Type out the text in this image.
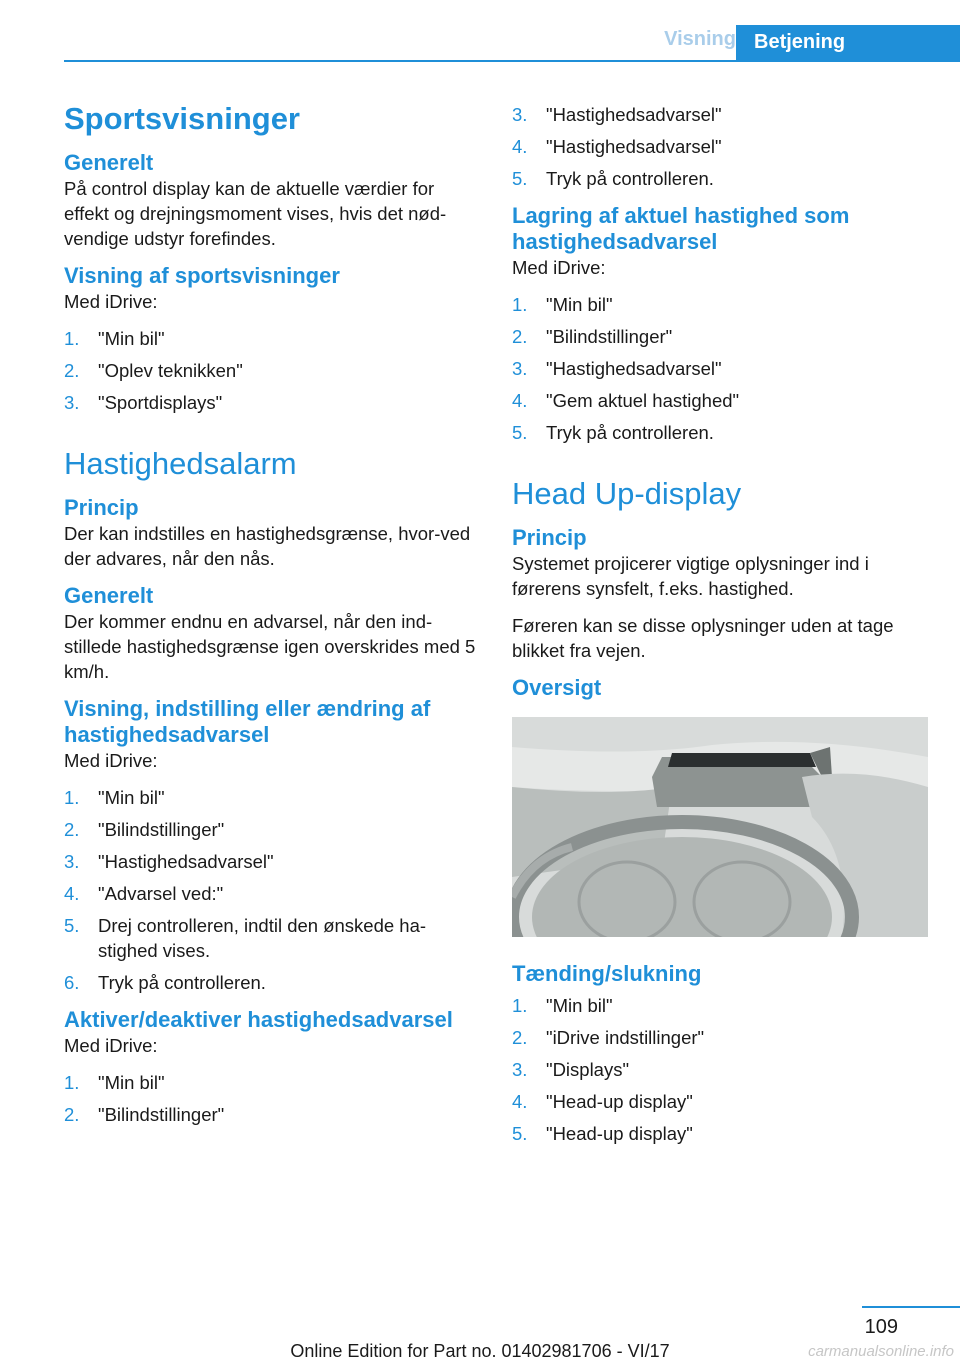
Visning Betjening
Sportsvisninger
Generelt

På control display kan de aktuelle værdier for effekt og drejningsmoment vises, hvis det nød-vendige udstyr forefindes.

Visning af sportsvisninger

Med iDrive:

1.	"Min bil"
2.	"Oplev teknikken"
3.	"Sportdisplays"
Hastighedsalarm
Princip

Der kan indstilles en hastighedsgrænse, hvor-ved der advares, når den nås.

Generelt

Der kommer endnu en advarsel, når den ind-stillede hastighedsgrænse igen overskrides med 5 km/h.

Visning, indstilling eller ændring af hastighedsadvarsel

Med iDrive:

1.	"Min bil"
2.	"Bilindstillinger"
3.	"Hastighedsadvarsel"
4.	"Advarsel ved:"
5.	Drej controlleren, indtil den ønskede ha-stighed vises.
6.	Tryk på controlleren.
Aktiver/deaktiver hastighedsadvarsel

Med iDrive:

1.	"Min bil"
2.	"Bilindstillinger"
3.	"Hastighedsadvarsel"
4.	"Hastighedsadvarsel"
5.	Tryk på controlleren.
Lagring af aktuel hastighed som hastighedsadvarsel

Med iDrive:

1.	"Min bil"
2.	"Bilindstillinger"
3.	"Hastighedsadvarsel"
4.	"Gem aktuel hastighed"
5.	Tryk på controlleren.
Head Up-display
Princip

Systemet projicerer vigtige oplysninger ind i førerens synsfelt, f.eks. hastighed.

Føreren kan se disse oplysninger uden at tage blikket fra vejen.

Oversigt
Tænding/slukning
1.	"Min bil"
2.	"iDrive indstillinger"
3.	"Displays"
4.	"Head-up display"
5.	"Head-up display"
109
Online Edition for Part no. 01402981706 - VI/17	carmanualsonline.info
